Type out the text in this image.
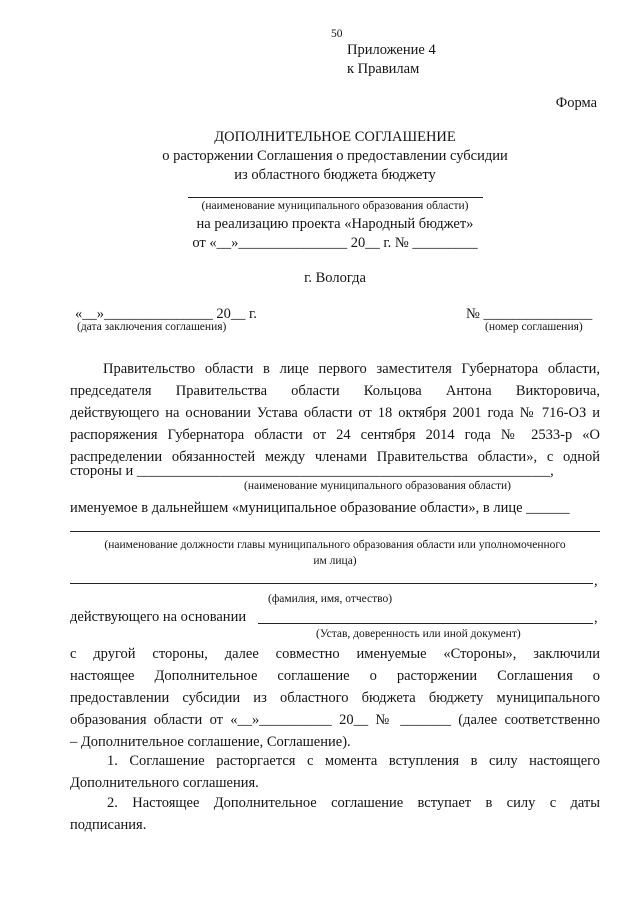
50
Приложение 4
к Правилам
Форма
ДОПОЛНИТЕЛЬНОЕ СОГЛАШЕНИЕ
о расторжении Соглашения о предоставлении субсидии
из областного бюджета бюджету
(наименование муниципального образования области)
на реализацию проекта «Народный бюджет»
от «__»_______________ 20__ г. № _________
г. Вологда
«__»_______________ 20__ г.
(дата заключения соглашения)
№ _______________
(номер соглашения)
Правительство области в лице первого заместителя Губернатора области,
председателя Правительства области Кольцова Антона Викторовича,
действующего на основании Устава области от 18 октября 2001 года № 716-ОЗ и
распоряжения Губернатора области от 24 сентября 2014 года № 2533-р «О
распределении обязанностей между членами Правительства области», с одной
стороны и _________________________________________________________,
(наименование муниципального образования области)
именуемое в дальнейшем «муниципальное образование области», в лице ______
(наименование должности главы муниципального образования области или уполномоченного
им лица)
,
(фамилия, имя, отчество)
действующего на основании	,
(Устав, доверенность или иной документ)
с другой стороны, далее совместно именуемые «Стороны», заключили
настоящее Дополнительное соглашение о расторжении Соглашения о
предоставлении субсидии из областного бюджета бюджету муниципального
образования области от «__»__________ 20__ № _______ (далее соответственно
– Дополнительное соглашение, Соглашение).
1. Соглашение расторгается с момента вступления в силу настоящего
Дополнительного соглашения.
2. Настоящее Дополнительное соглашение вступает в силу с даты
подписания.
